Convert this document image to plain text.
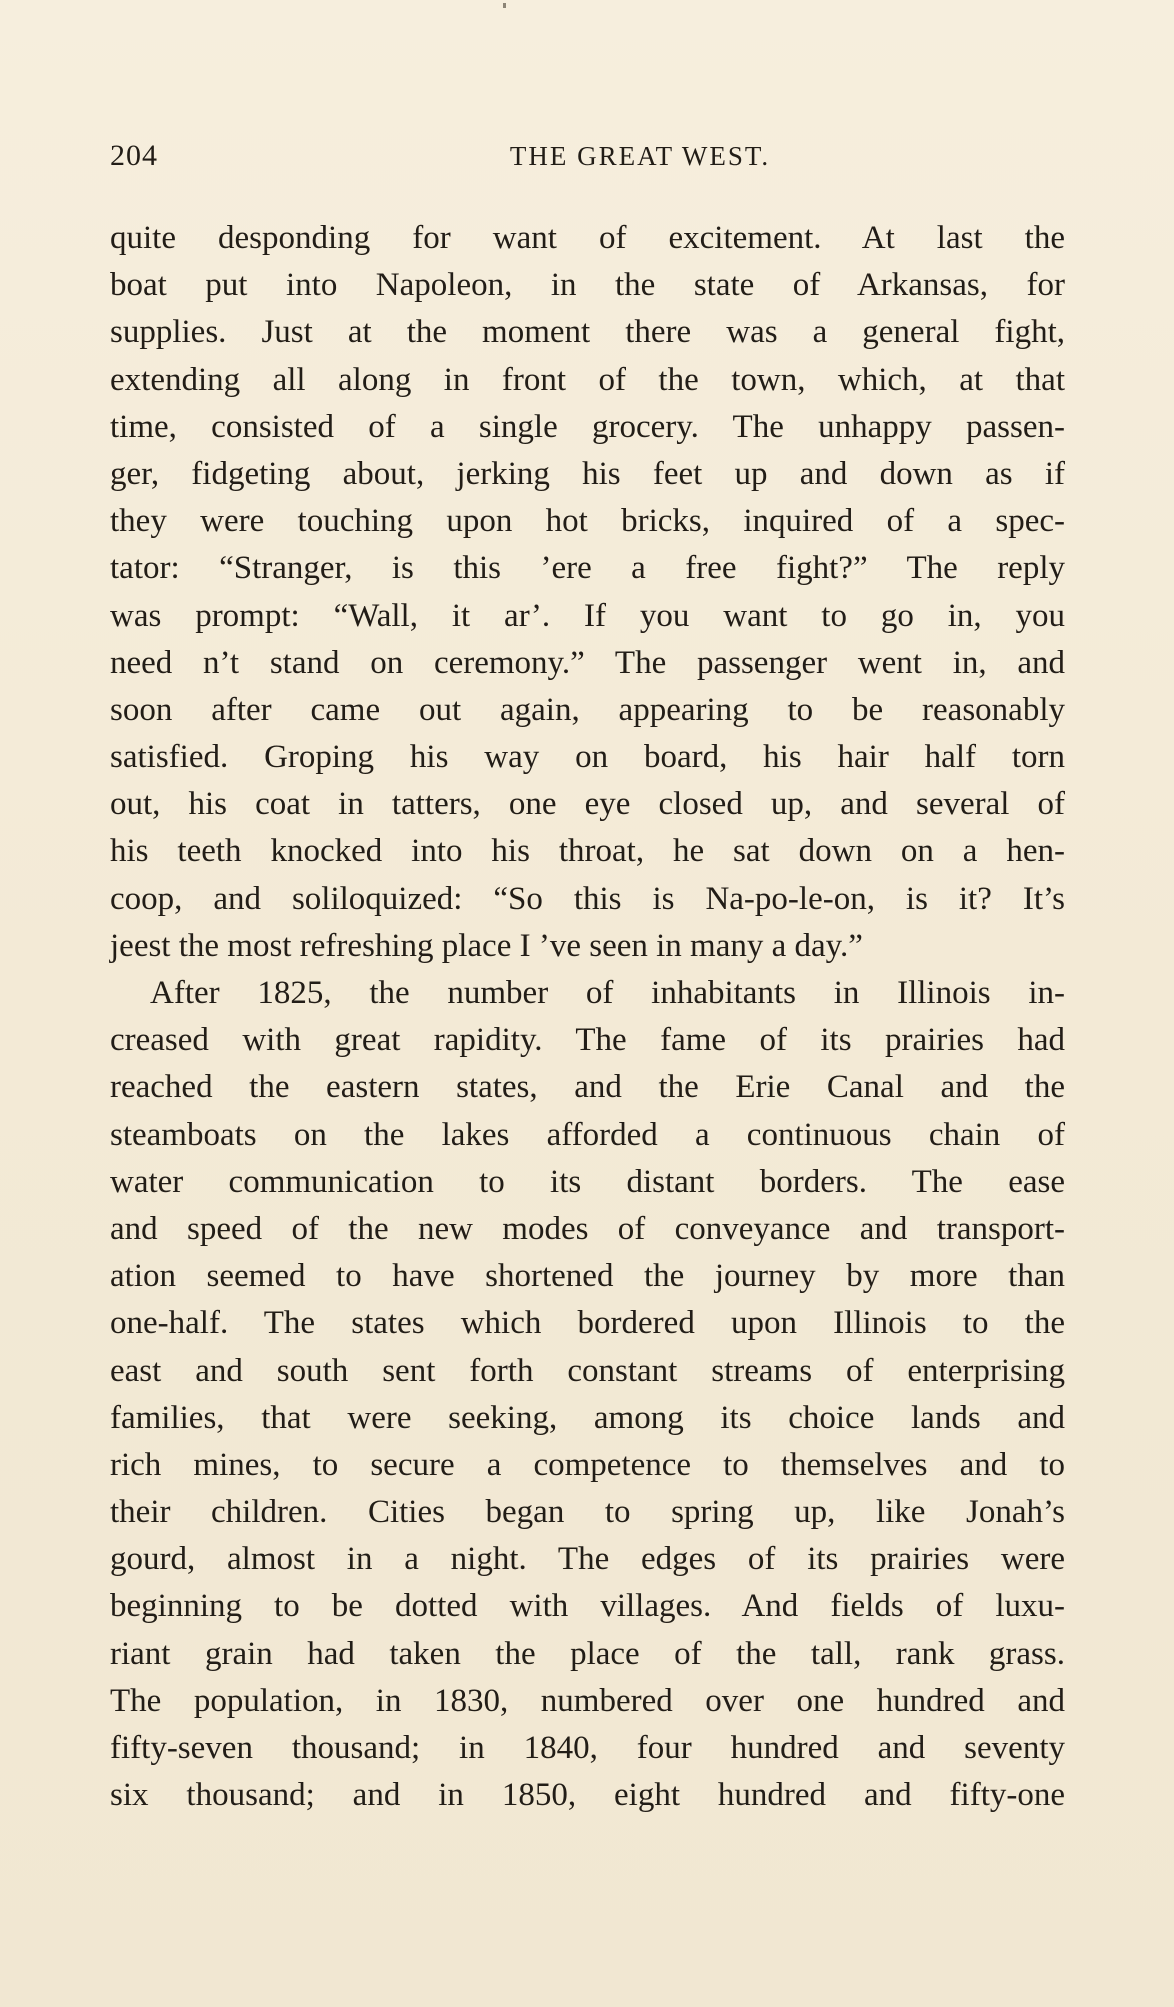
204	THE GREAT WEST.
quite desponding for want of excitement. At last the
boat put into Napoleon, in the state of Arkansas, for
supplies. Just at the moment there was a general fight,
extending all along in front of the town, which, at that
time, consisted of a single grocery. The unhappy passen-
ger, fidgeting about, jerking his feet up and down as if
they were touching upon hot bricks, inquired of a spec-
tator: “Stranger, is this ’ere a free fight?” The reply
was prompt: “Wall, it ar’. If you want to go in, you
need n’t stand on ceremony.” The passenger went in, and
soon after came out again, appearing to be reasonably
satisfied. Groping his way on board, his hair half torn
out, his coat in tatters, one eye closed up, and several of
his teeth knocked into his throat, he sat down on a hen-
coop, and soliloquized: “So this is Na-po-le-on, is it? It’s
jeest the most refreshing place I ’ve seen in many a day.”
After 1825, the number of inhabitants in Illinois in-
creased with great rapidity. The fame of its prairies had
reached the eastern states, and the Erie Canal and the
steamboats on the lakes afforded a continuous chain of
water communication to its distant borders. The ease
and speed of the new modes of conveyance and transport-
ation seemed to have shortened the journey by more than
one-half. The states which bordered upon Illinois to the
east and south sent forth constant streams of enterprising
families, that were seeking, among its choice lands and
rich mines, to secure a competence to themselves and to
their children. Cities began to spring up, like Jonah’s
gourd, almost in a night. The edges of its prairies were
beginning to be dotted with villages. And fields of luxu-
riant grain had taken the place of the tall, rank grass.
The population, in 1830, numbered over one hundred and
fifty-seven thousand; in 1840, four hundred and seventy
six thousand; and in 1850, eight hundred and fifty-one
